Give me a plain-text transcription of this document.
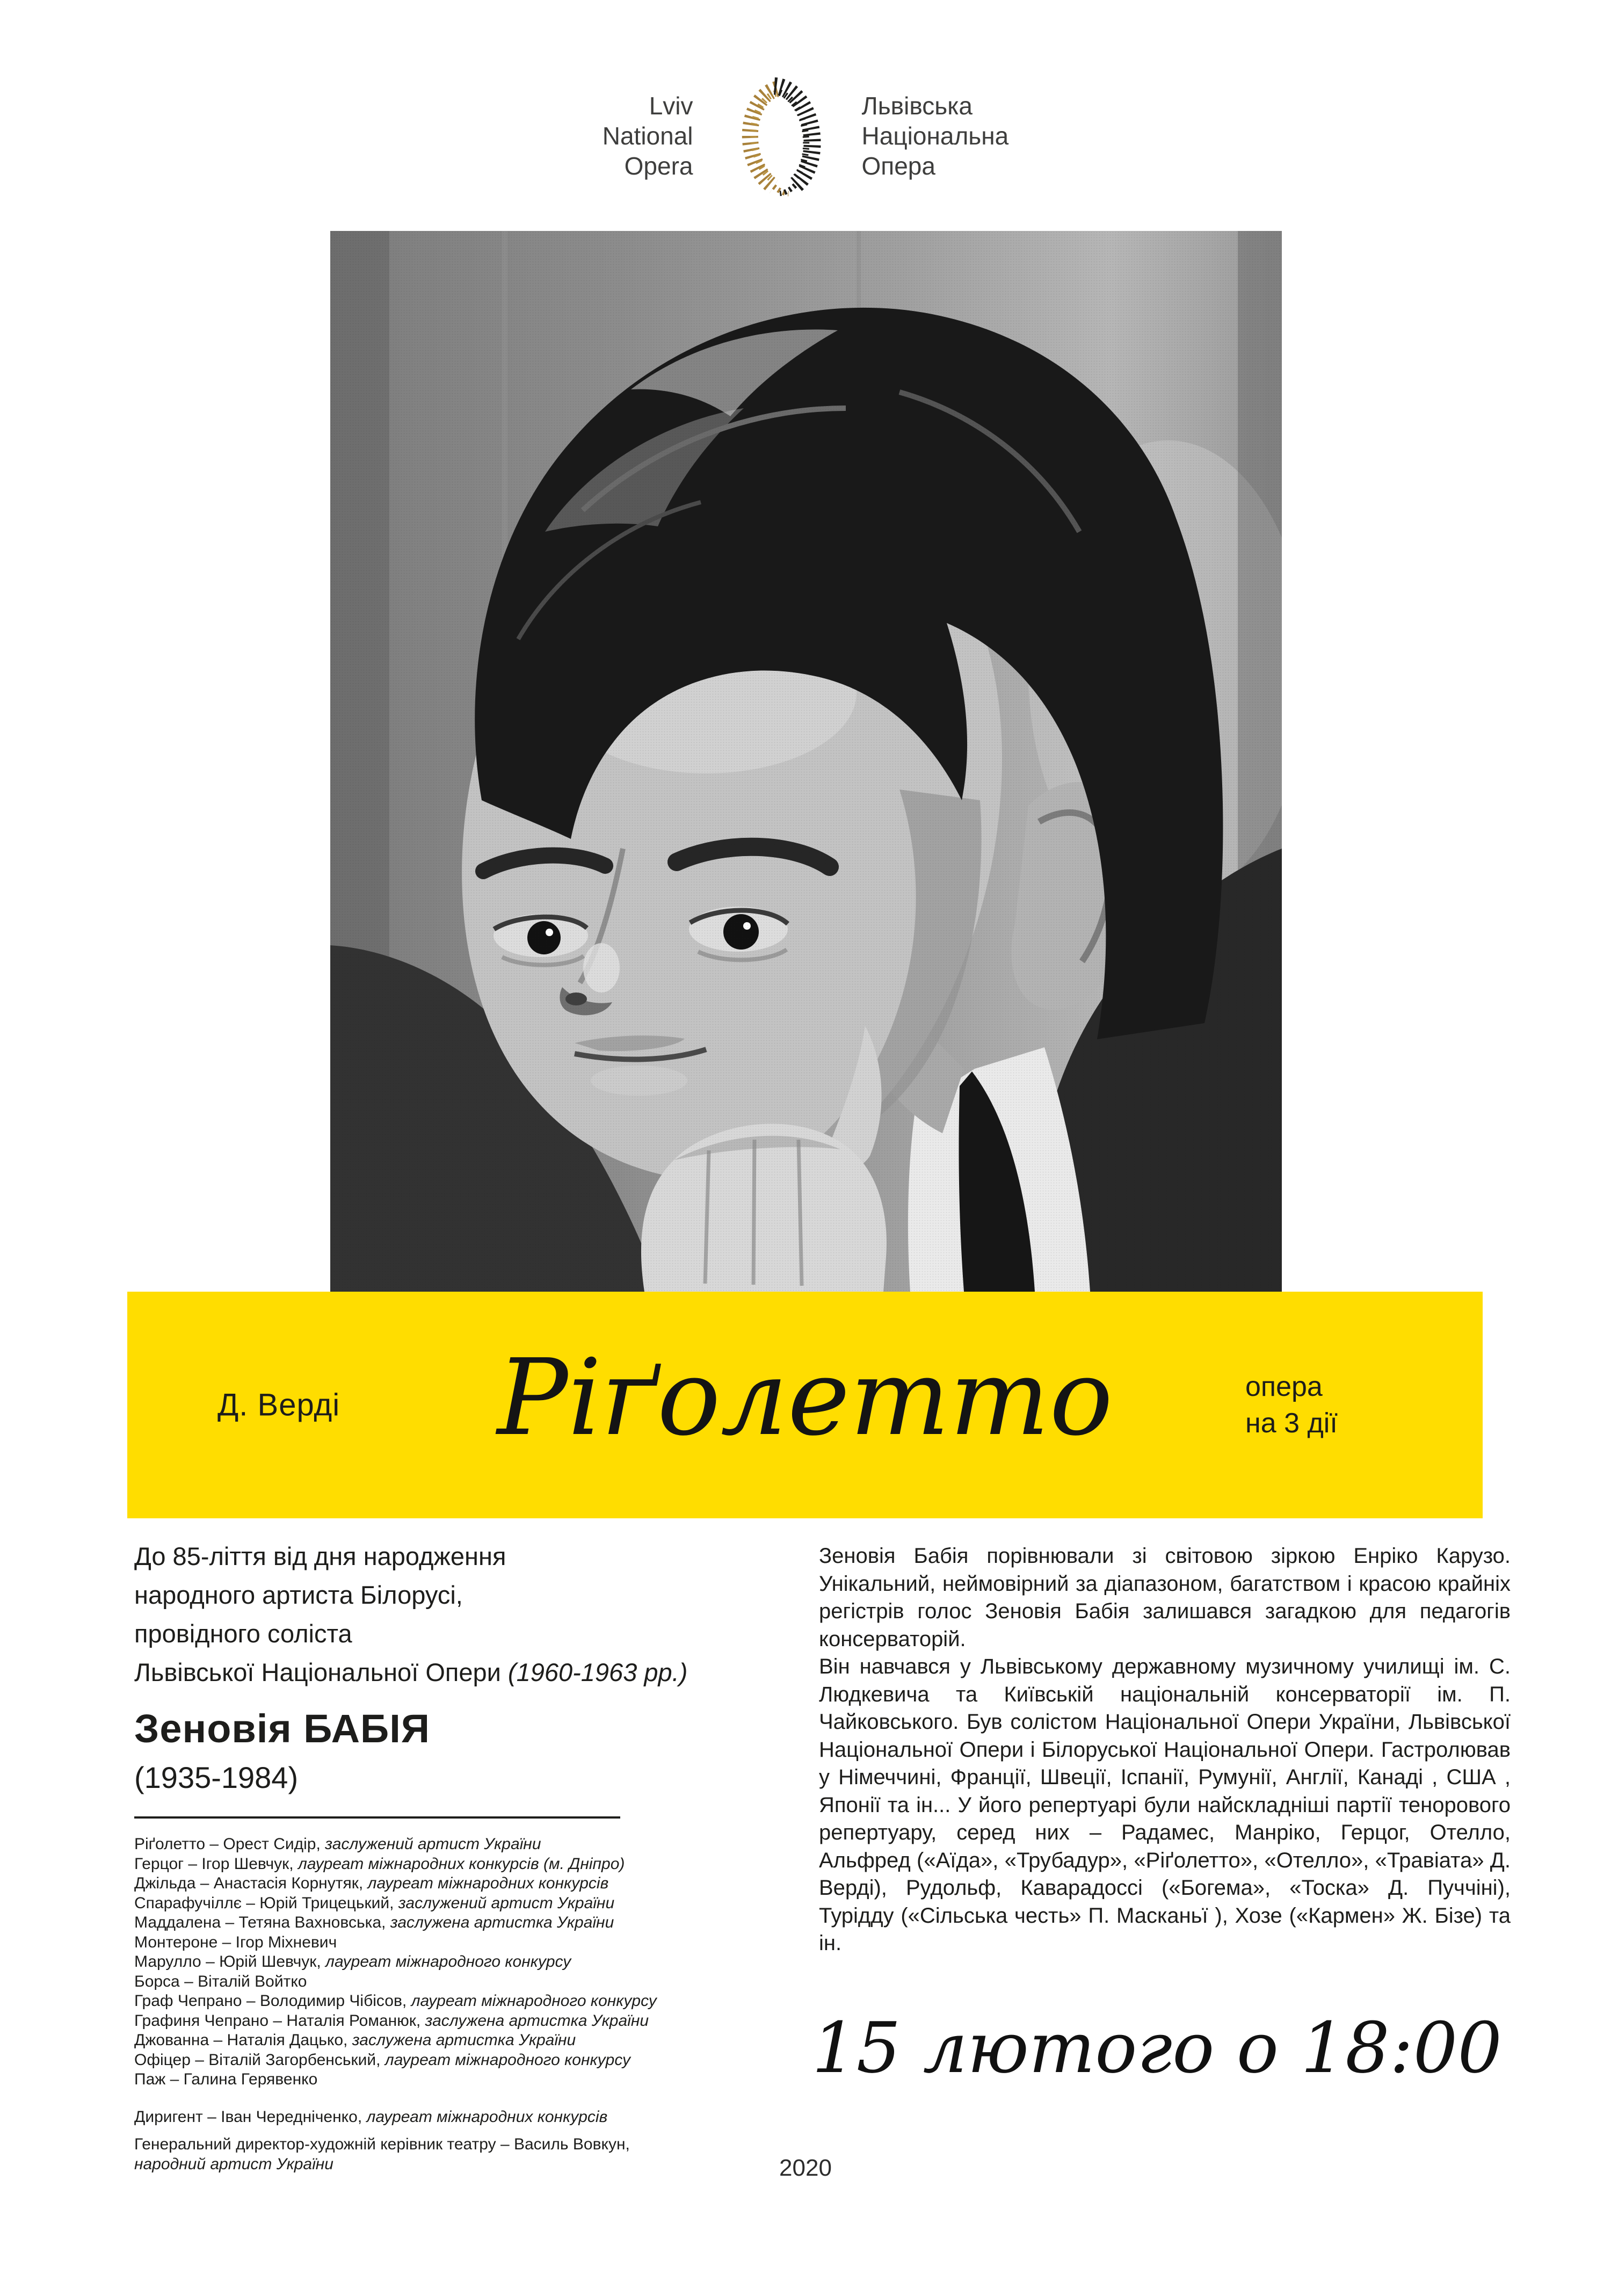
Lviv
National
Opera
Львівська
Національна
Опера
Д. Верді Ріґолетто	опера
на 3 дії
До 85-ліття від дня народження
народного артиста Білорусі,
провідного соліста
Львівської Національної Опери (1960-1963 рр.)
Зеновія БАБІЯ
(1935-1984)
Ріґолетто – Орест Сидір, заслужений артист України
Герцог – Ігор Шевчук, лауреат міжнародних конкурсів (м. Дніпро)
Джільда – Анастасія Корнутяк, лауреат міжнародних конкурсів
Спарафучіллє – Юрій Трицецький, заслужений артист України
Маддалена – Тетяна Вахновська, заслужена артистка України
Монтероне – Ігор Міхневич
Марулло – Юрій Шевчук, лауреат міжнародного конкурсу
Борса – Віталій Войтко
Граф Чепрано – Володимир Чібісов, лауреат міжнародного конкурсу
Графиня Чепрано – Наталія Романюк, заслужена артистка України
Джованна – Наталія Дацько, заслужена артистка України
Офіцер – Віталій Загорбенський, лауреат міжнародного конкурсу
Паж – Галина Герявенко
Диригент – Іван Чередніченко, лауреат міжнародних конкурсів
Генеральний директор-художній керівник театру – Василь Вовкун,
народний артист України

Зеновія Бабія порівнювали зі світовою зіркою Енріко Карузо. Унікальний, неймовірний за діапазоном, багатством і красою крайніх регістрів голос Зеновія Бабія залишався загадкою для педагогів консерваторій.

Він навчався у Львівському державному музичному училищі ім. С. Людкевича та Київській національній консерваторії ім. П. Чайковського. Був солістом Національної Опери України, Львівської Національної Опери і Білоруської Національної Опери. Гастролював у Німеччині, Франції, Швеції, Іспанії, Румунії, Англії, Канаді , США , Японії та ін... У його репертуарі були найскладніші партії тенорового репертуару, серед них – Радамес, Манріко, Герцог, Отелло, Альфред («Аїда», «Трубадур», «Ріґолетто», «Отелло», «Травіата» Д. Верді), Рудольф, Каварадоссі («Богема», «Тоска» Д. Пуччіні), Турідду («Сільська честь» П. Масканьї ), Хозе («Кармен» Ж. Бізе) та ін.

15 лютого о 18:00
2020
